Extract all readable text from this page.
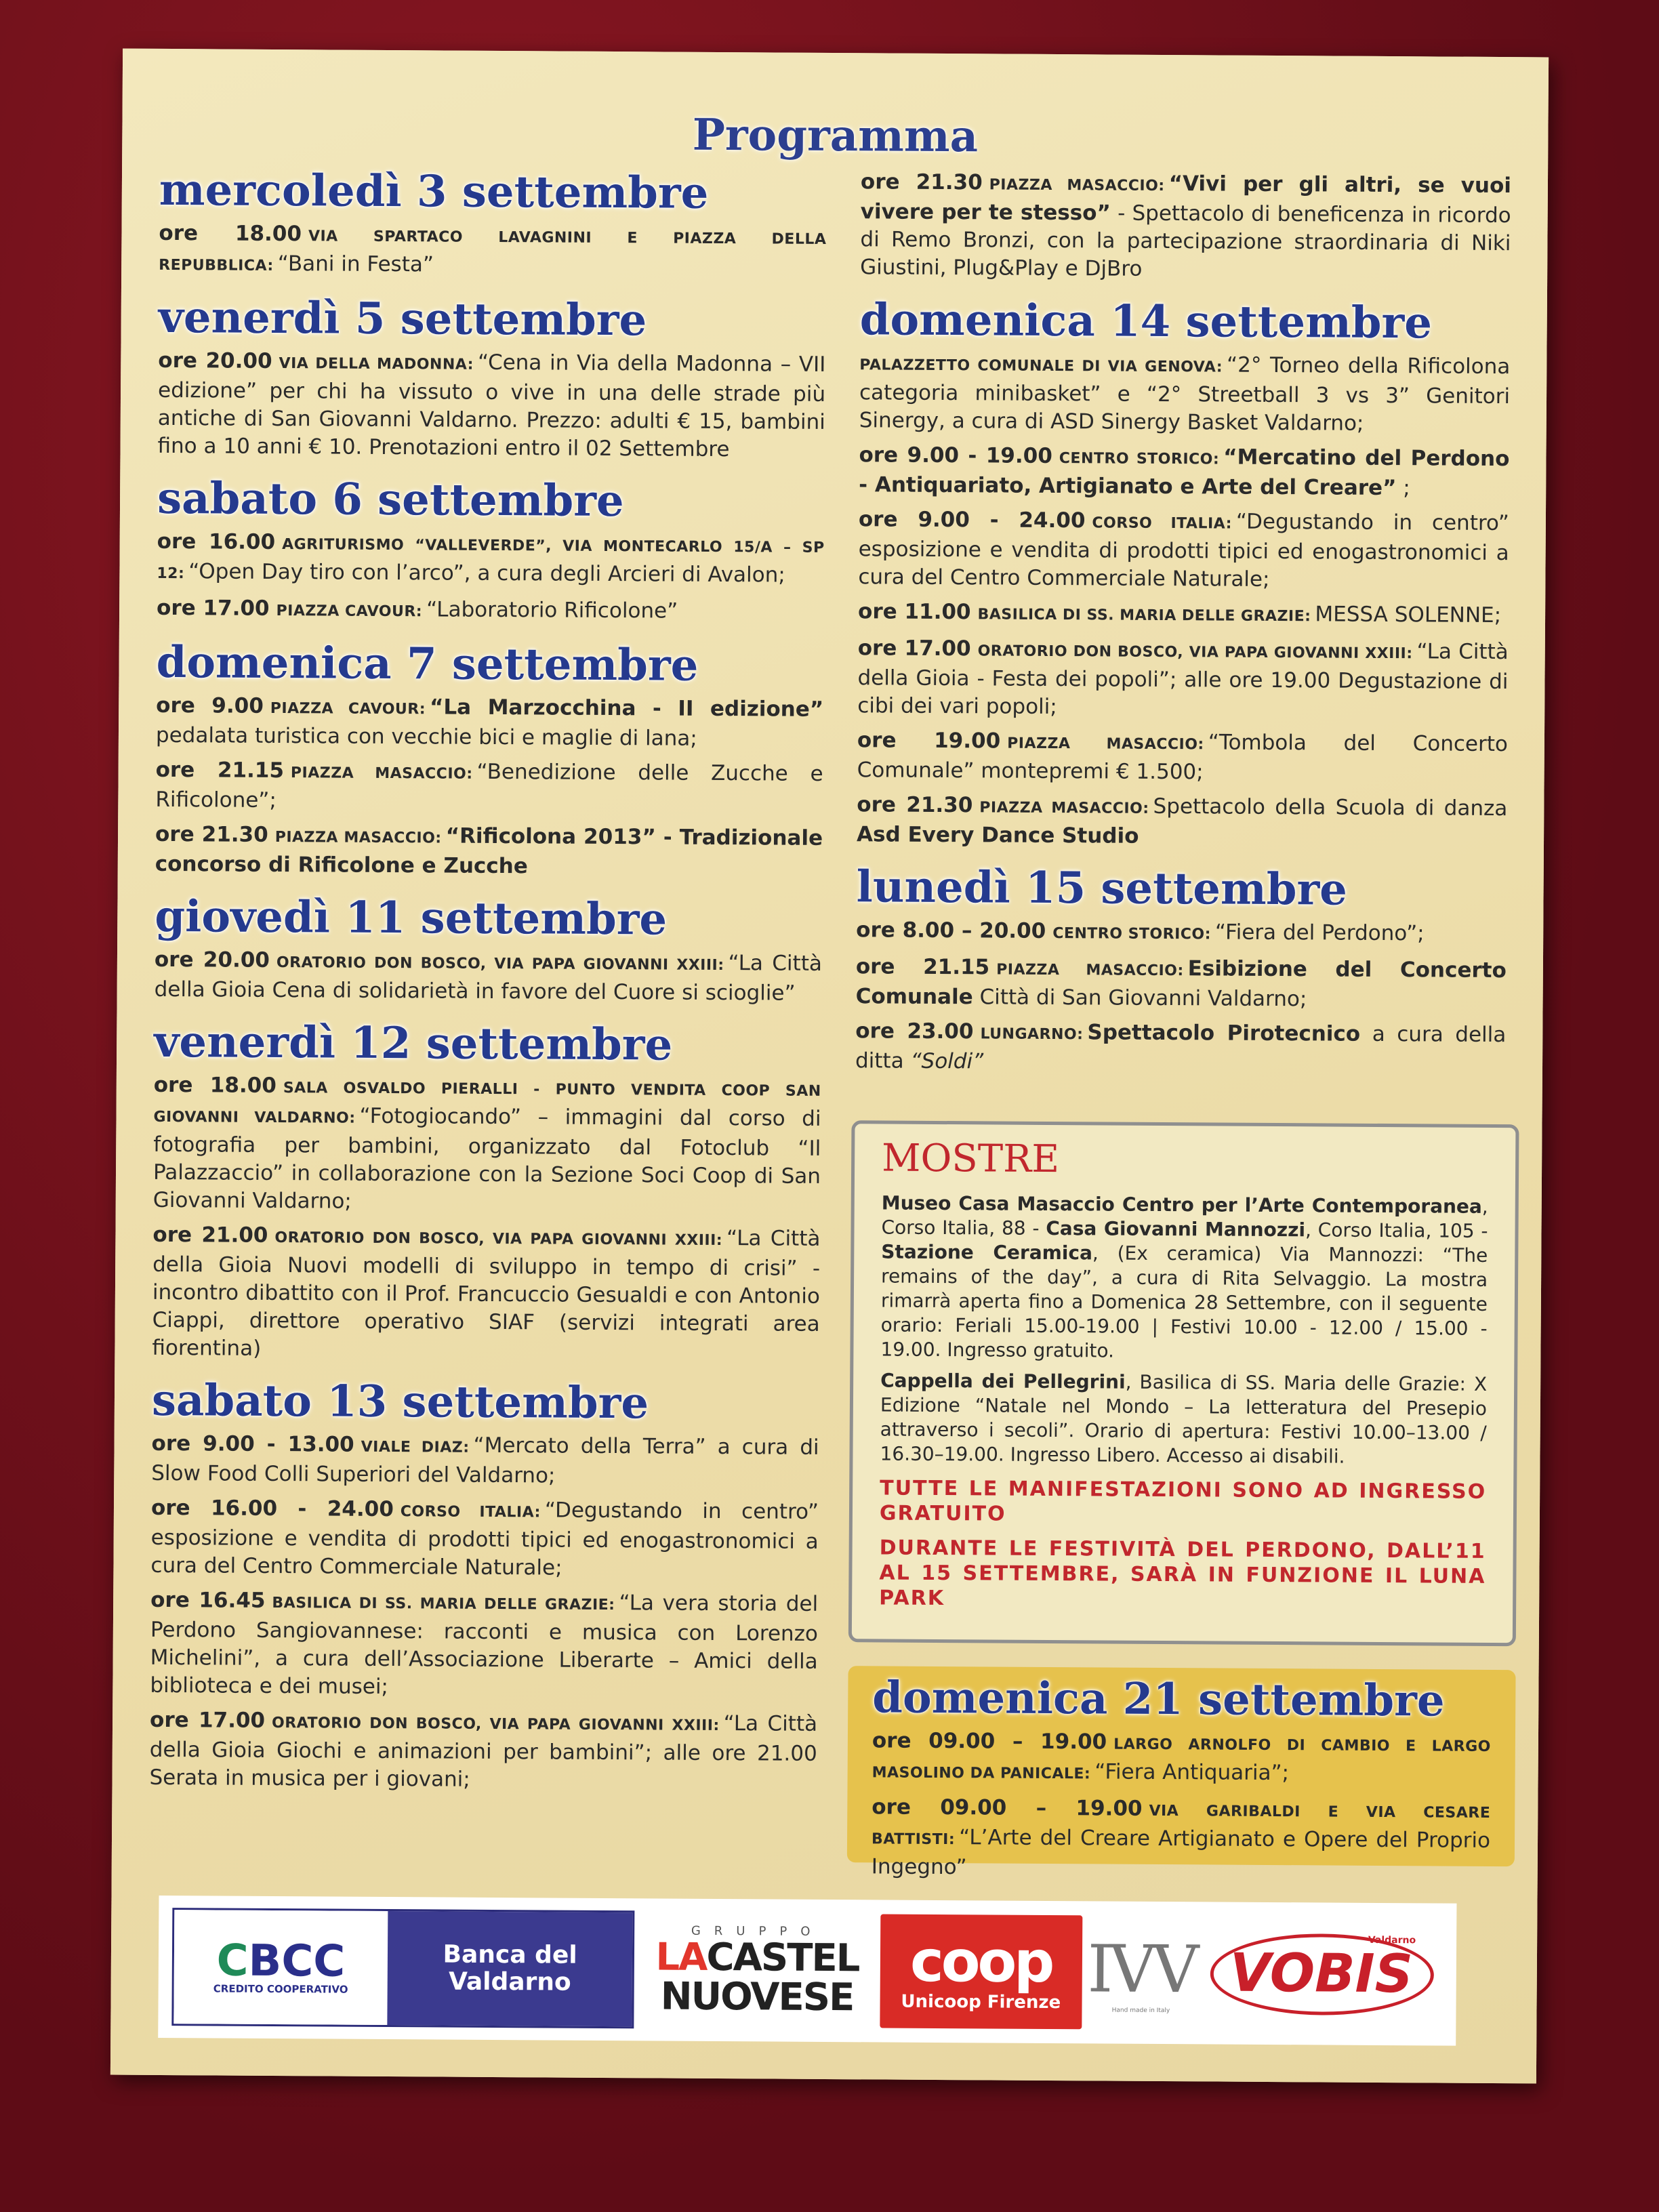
Programma
mercoledì 3 settembre
ore 18.00 VIA SPARTACO LAVAGNINI E PIAZZA DELLA REPUBBLICA: “Bani in Festa”
venerdì 5 settembre
ore 20.00 VIA DELLA MADONNA: “Cena in Via della Madonna – VII edizione” per chi ha vissuto o vive in una delle strade più antiche di San Giovanni Valdarno. Prezzo: adulti € 15, bambini fino a 10 anni € 10. Prenotazioni entro il 02 Settembre
sabato 6 settembre
ore 16.00 AGRITURISMO “VALLEVERDE”, VIA MONTECARLO 15/A – SP 12: “Open Day tiro con l’arco”, a cura degli Arcieri di Avalon;
ore 17.00 PIAZZA CAVOUR: “Laboratorio Rificolone”
domenica 7 settembre
ore 9.00 PIAZZA CAVOUR: “La Marzocchina - II edizione” pedalata turistica con vecchie bici e maglie di lana;
ore 21.15 PIAZZA MASACCIO: “Benedizione delle Zucche e Rificolone”;
ore 21.30 PIAZZA MASACCIO: “Rificolona 2013” - Tradizionale concorso di Rificolone e Zucche
giovedì 11 settembre
ore 20.00 ORATORIO DON BOSCO, VIA PAPA GIOVANNI XXIII: “La Città della Gioia Cena di solidarietà in favore del Cuore si scioglie”
venerdì 12 settembre
ore 18.00 SALA OSVALDO PIERALLI - PUNTO VENDITA COOP SAN GIOVANNI VALDARNO: “Fotogiocando” – immagini dal corso di fotografia per bambini, organizzato dal Fotoclub “Il Palazzaccio” in collaborazione con la Sezione Soci Coop di San Giovanni Valdarno;
ore 21.00 ORATORIO DON BOSCO, VIA PAPA GIOVANNI XXIII: “La Città della Gioia Nuovi modelli di sviluppo in tempo di crisi” - incontro dibattito con il Prof. Francuccio Gesualdi e con Antonio Ciappi, direttore operativo SIAF (servizi integrati area fiorentina)
sabato 13 settembre
ore 9.00 - 13.00 VIALE DIAZ: “Mercato della Terra” a cura di Slow Food Colli Superiori del Valdarno;
ore 16.00 - 24.00 CORSO ITALIA: “Degustando in centro” esposizione e vendita di prodotti tipici ed enogastronomici a cura del Centro Commerciale Naturale;
ore 16.45 BASILICA DI SS. MARIA DELLE GRAZIE: “La vera storia del Perdono Sangiovannese: racconti e musica con Lorenzo Michelini”, a cura dell’Associazione Liberarte – Amici della biblioteca e dei musei;
ore 17.00 ORATORIO DON BOSCO, VIA PAPA GIOVANNI XXIII: “La Città della Gioia Giochi e animazioni per bambini”; alle ore 21.00 Serata in musica per i giovani;
ore 21.30 PIAZZA MASACCIO: “Vivi per gli altri, se vuoi vivere per te stesso” - Spettacolo di beneficenza in ricordo di Remo Bronzi, con la partecipazione straordinaria di Niki Giustini, Plug&Play e DjBro
domenica 14 settembre
PALAZZETTO COMUNALE DI VIA GENOVA: “2° Torneo della Rificolona categoria minibasket” e “2° Streetball 3 vs 3” Genitori Sinergy, a cura di ASD Sinergy Basket Valdarno;
ore 9.00 - 19.00 CENTRO STORICO: “Mercatino del Perdono - Antiquariato, Artigianato e Arte del Creare” ;
ore 9.00 - 24.00 CORSO ITALIA: “Degustando in centro” esposizione e vendita di prodotti tipici ed enogastronomici a cura del Centro Commerciale Naturale;
ore 11.00 BASILICA DI SS. MARIA DELLE GRAZIE: MESSA SOLENNE;
ore 17.00 ORATORIO DON BOSCO, VIA PAPA GIOVANNI XXIII: “La Città della Gioia - Festa dei popoli”; alle ore 19.00 Degustazione di cibi dei vari popoli;
ore 19.00 PIAZZA MASACCIO: “Tombola del Concerto Comunale” montepremi € 1.500;
ore 21.30 PIAZZA MASACCIO: Spettacolo della Scuola di danza Asd Every Dance Studio
lunedì 15 settembre
ore 8.00 – 20.00 CENTRO STORICO: “Fiera del Perdono”;
ore 21.15 PIAZZA MASACCIO: Esibizione del Concerto Comunale Città di San Giovanni Valdarno;
ore 23.00 LUNGARNO: Spettacolo Pirotecnico a cura della ditta “Soldi”
MOSTRE
Museo Casa Masaccio Centro per l’Arte Contemporanea, Corso Italia, 88 - Casa Giovanni Mannozzi, Corso Italia, 105 - Stazione Ceramica, (Ex ceramica) Via Mannozzi: “The remains of the day”, a cura di Rita Selvaggio. La mostra rimarrà aperta fino a Domenica 28 Settembre, con il seguente orario: Feriali 15.00-19.00 | Festivi 10.00 - 12.00 / 15.00 - 19.00. Ingresso gratuito.
Cappella dei Pellegrini, Basilica di SS. Maria delle Grazie: X Edizione “Natale nel Mondo – La letteratura del Presepio attraverso i secoli”. Orario di apertura: Festivi 10.00–13.00 / 16.30–19.00. Ingresso Libero. Accesso ai disabili.
TUTTE LE MANIFESTAZIONI SONO AD INGRESSO GRATUITO
DURANTE LE FESTIVITÀ DEL PERDONO, DALL’11 AL 15 SETTEMBRE, SARÀ IN FUNZIONE IL LUNA PARK
domenica 21 settembre
ore 09.00 – 19.00 LARGO ARNOLFO DI CAMBIO E LARGO MASOLINO DA PANICALE: “Fiera Antiquaria”;
ore 09.00 – 19.00 VIA GARIBALDI E VIA CESARE BATTISTI: “L’Arte del Creare Artigianato e Opere del Proprio Ingegno”
CBCC
CREDITO COOPERATIVO
Banca del Valdarno
GRUPPO
LACASTEL
NUOVESE
coop
Unicoop Firenze IVV
Hand made in Italy
Valdarno
VOBIS
